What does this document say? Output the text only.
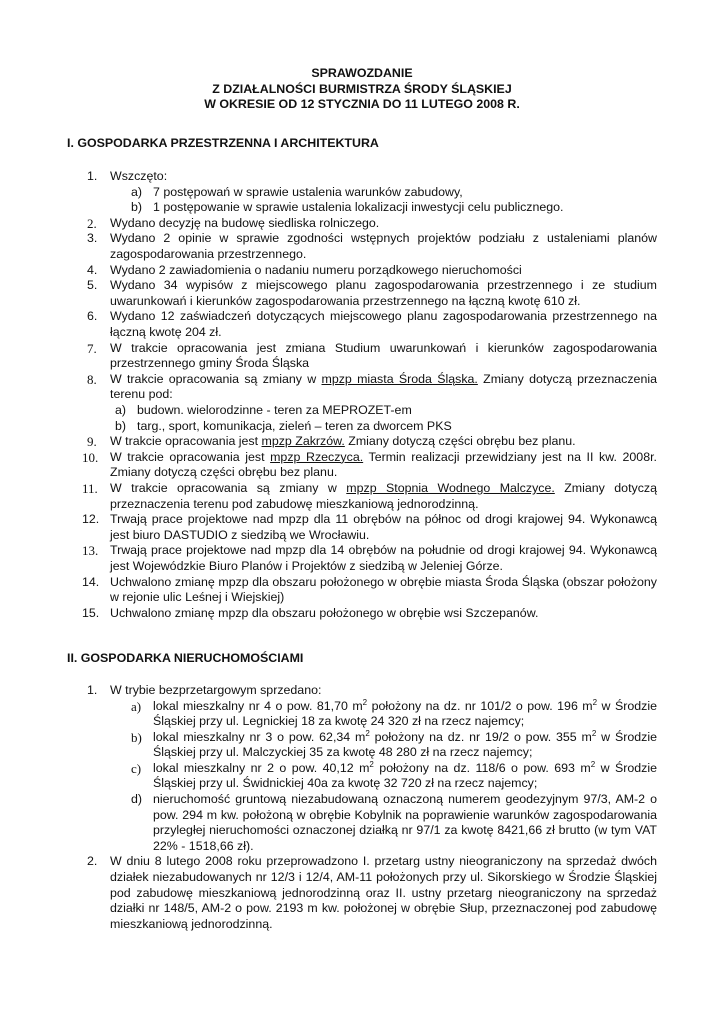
SPRAWOZDANIE
Z DZIAŁALNOŚCI BURMISTRZA ŚRODY ŚLĄSKIEJ
W OKRESIE OD 12 STYCZNIA DO 11 LUTEGO 2008 R.
I. GOSPODARKA PRZESTRZENNA I ARCHITEKTURA
1. Wszczęto:
a) 7 postępowań w sprawie ustalenia warunków zabudowy,
b) 1 postępowanie w sprawie ustalenia lokalizacji inwestycji celu publicznego.
2. Wydano decyzję na budowę siedliska rolniczego.
3. Wydano 2 opinie w sprawie zgodności wstępnych projektów podziału z ustaleniami planów zagospodarowania przestrzennego.
4. Wydano 2 zawiadomienia o nadaniu numeru porządkowego nieruchomości
5. Wydano 34 wypisów z miejscowego planu zagospodarowania przestrzennego i ze studium uwarunkowań i kierunków zagospodarowania przestrzennego na łączną kwotę 610 zł.
6. Wydano 12 zaświadczeń dotyczących miejscowego planu zagospodarowania przestrzennego na łączną kwotę 204 zł.
7. W trakcie opracowania jest zmiana Studium uwarunkowań i kierunków zagospodarowania przestrzennego gminy Środa Śląska
8. W trakcie opracowania są zmiany w mpzp miasta Środa Śląska. Zmiany dotyczą przeznaczenia terenu pod:
a) budown. wielorodzinne - teren za MEPROZET-em
b) targ., sport, komunikacja, zieleń – teren za dworcem PKS
9. W trakcie opracowania jest mpzp Zakrzów. Zmiany dotyczą części obrębu bez planu.
10. W trakcie opracowania jest mpzp Rzeczyca. Termin realizacji przewidziany jest na II kw. 2008r. Zmiany dotyczą części obrębu bez planu.
11. W trakcie opracowania są zmiany w mpzp Stopnia Wodnego Malczyce. Zmiany dotyczą przeznaczenia terenu pod zabudowę mieszkaniową jednorodzinną.
12. Trwają prace projektowe nad mpzp dla 11 obrębów na północ od drogi krajowej 94. Wykonawcą jest biuro DASTUDIO z siedzibą we Wrocławiu.
13. Trwają prace projektowe nad mpzp dla 14 obrębów na południe od drogi krajowej 94. Wykonawcą jest Wojewódzkie Biuro Planów i Projektów z siedzibą w Jeleniej Górze.
14. Uchwalono zmianę mpzp dla obszaru położonego w obrębie miasta Środa Śląska (obszar położony w rejonie ulic Leśnej i Wiejskiej)
15. Uchwalono zmianę mpzp dla obszaru położonego w obrębie wsi Szczepanów.
II. GOSPODARKA NIERUCHOMOŚCIAMI
1. W trybie bezprzetargowym sprzedano:
a) lokal mieszkalny nr 4 o pow. 81,70 $m^2$ położony na dz. nr 101/2 o pow. 196 $m^2$ w Środzie Śląskiej przy ul. Legnickiej 18 za kwotę 24 320 zł na rzecz najemcy;
b) lokal mieszkalny nr 3 o pow. 62,34 $m^2$ położony na dz. nr 19/2 o pow. 355 $m^2$ w Środzie Śląskiej przy ul. Malczyckiej 35 za kwotę 48 280 zł na rzecz najemcy;
c) lokal mieszkalny nr 2 o pow. 40,12 $m^2$ położony na dz. 118/6 o pow. 693 $m^2$ w Środzie Śląskiej przy ul. Świdnickiej 40a za kwotę 32 720 zł na rzecz najemcy;
d) nieruchomość gruntową niezabudowaną oznaczoną numerem geodezyjnym 97/3, AM-2 o pow. 294 m kw. położoną w obrębie Kobylnik na poprawienie warunków zagospodarowania przyległej nieruchomości oznaczonej działką nr 97/1 za kwotę 8421,66 zł brutto (w tym VAT 22% - 1518,66 zł).
2. W dniu 8 lutego 2008 roku przeprowadzono I. przetarg ustny nieograniczony na sprzedaż dwóch działek niezabudowanych nr 12/3 i 12/4, AM-11 położonych przy ul. Sikorskiego w Środzie Śląskiej pod zabudowę mieszkaniową jednorodzinną oraz II. ustny przetarg nieograniczony na sprzedaż działki nr 148/5, AM-2 o pow. 2193 m kw. położonej w obrębie Słup, przeznaczonej pod zabudowę mieszkaniową jednorodzinną.
